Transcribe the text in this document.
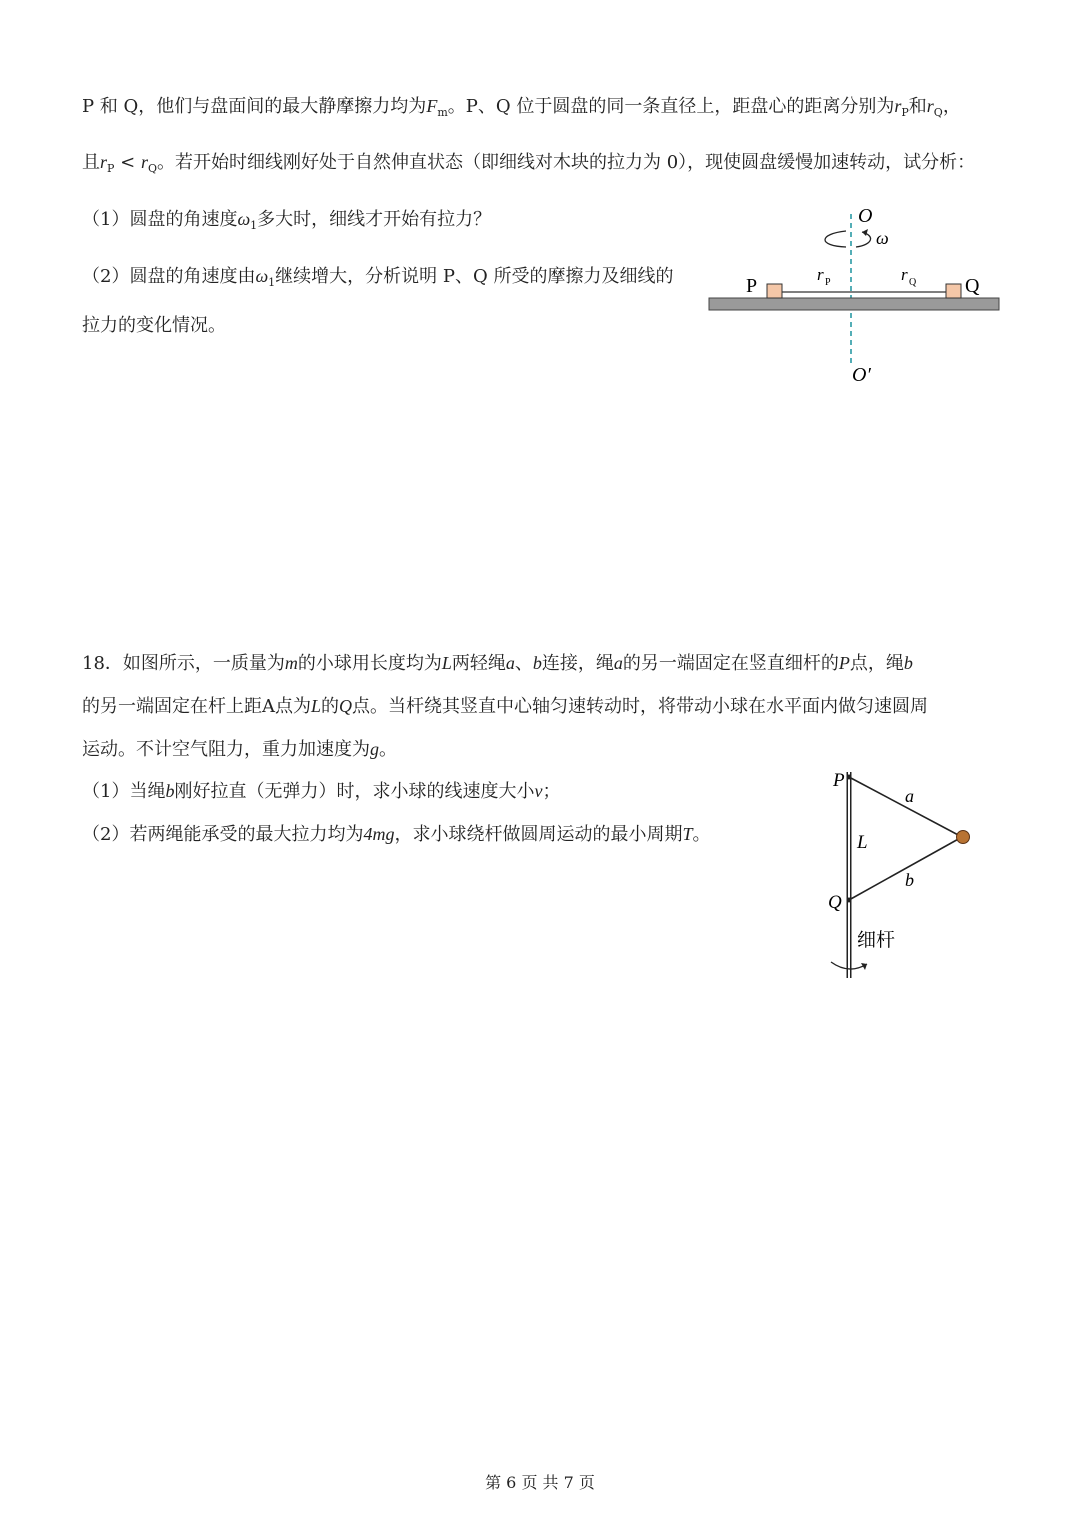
P 和 Q，他们与盘面间的最大静摩擦力均为$F_m$。P、Q 位于圆盘的同一条直径上，距盘心的距离分别为$r_P$和$r_Q$，
且$r_P < r_Q$。若开始时细线刚好处于自然伸直状态（即细线对木块的拉力为 0），现使圆盘缓慢加速转动，试分析：
（1）圆盘的角速度$\omega_1$多大时，细线才开始有拉力？
（2）圆盘的角速度由$\omega_1$继续增大，分析说明 P、Q 所受的摩擦力及细线的
拉力的变化情况。
O
ω
P	Q
r P	r Q
O′
18．如图所示，一质量为m的小球用长度均为L两轻绳a、b连接，绳a的另一端固定在竖直细杆的P点，绳b
的另一端固定在杆上距A点为L的Q点。当杆绕其竖直中心轴匀速转动时，将带动小球在水平面内做匀速圆周
运动。不计空气阻力，重力加速度为g。
（1）当绳b刚好拉直（无弹力）时，求小球的线速度大小v；
（2）若两绳能承受的最大拉力均为4mg，求小球绕杆做圆周运动的最小周期T。
P
a
L
b
Q
细杆
第 6 页 共 7 页
